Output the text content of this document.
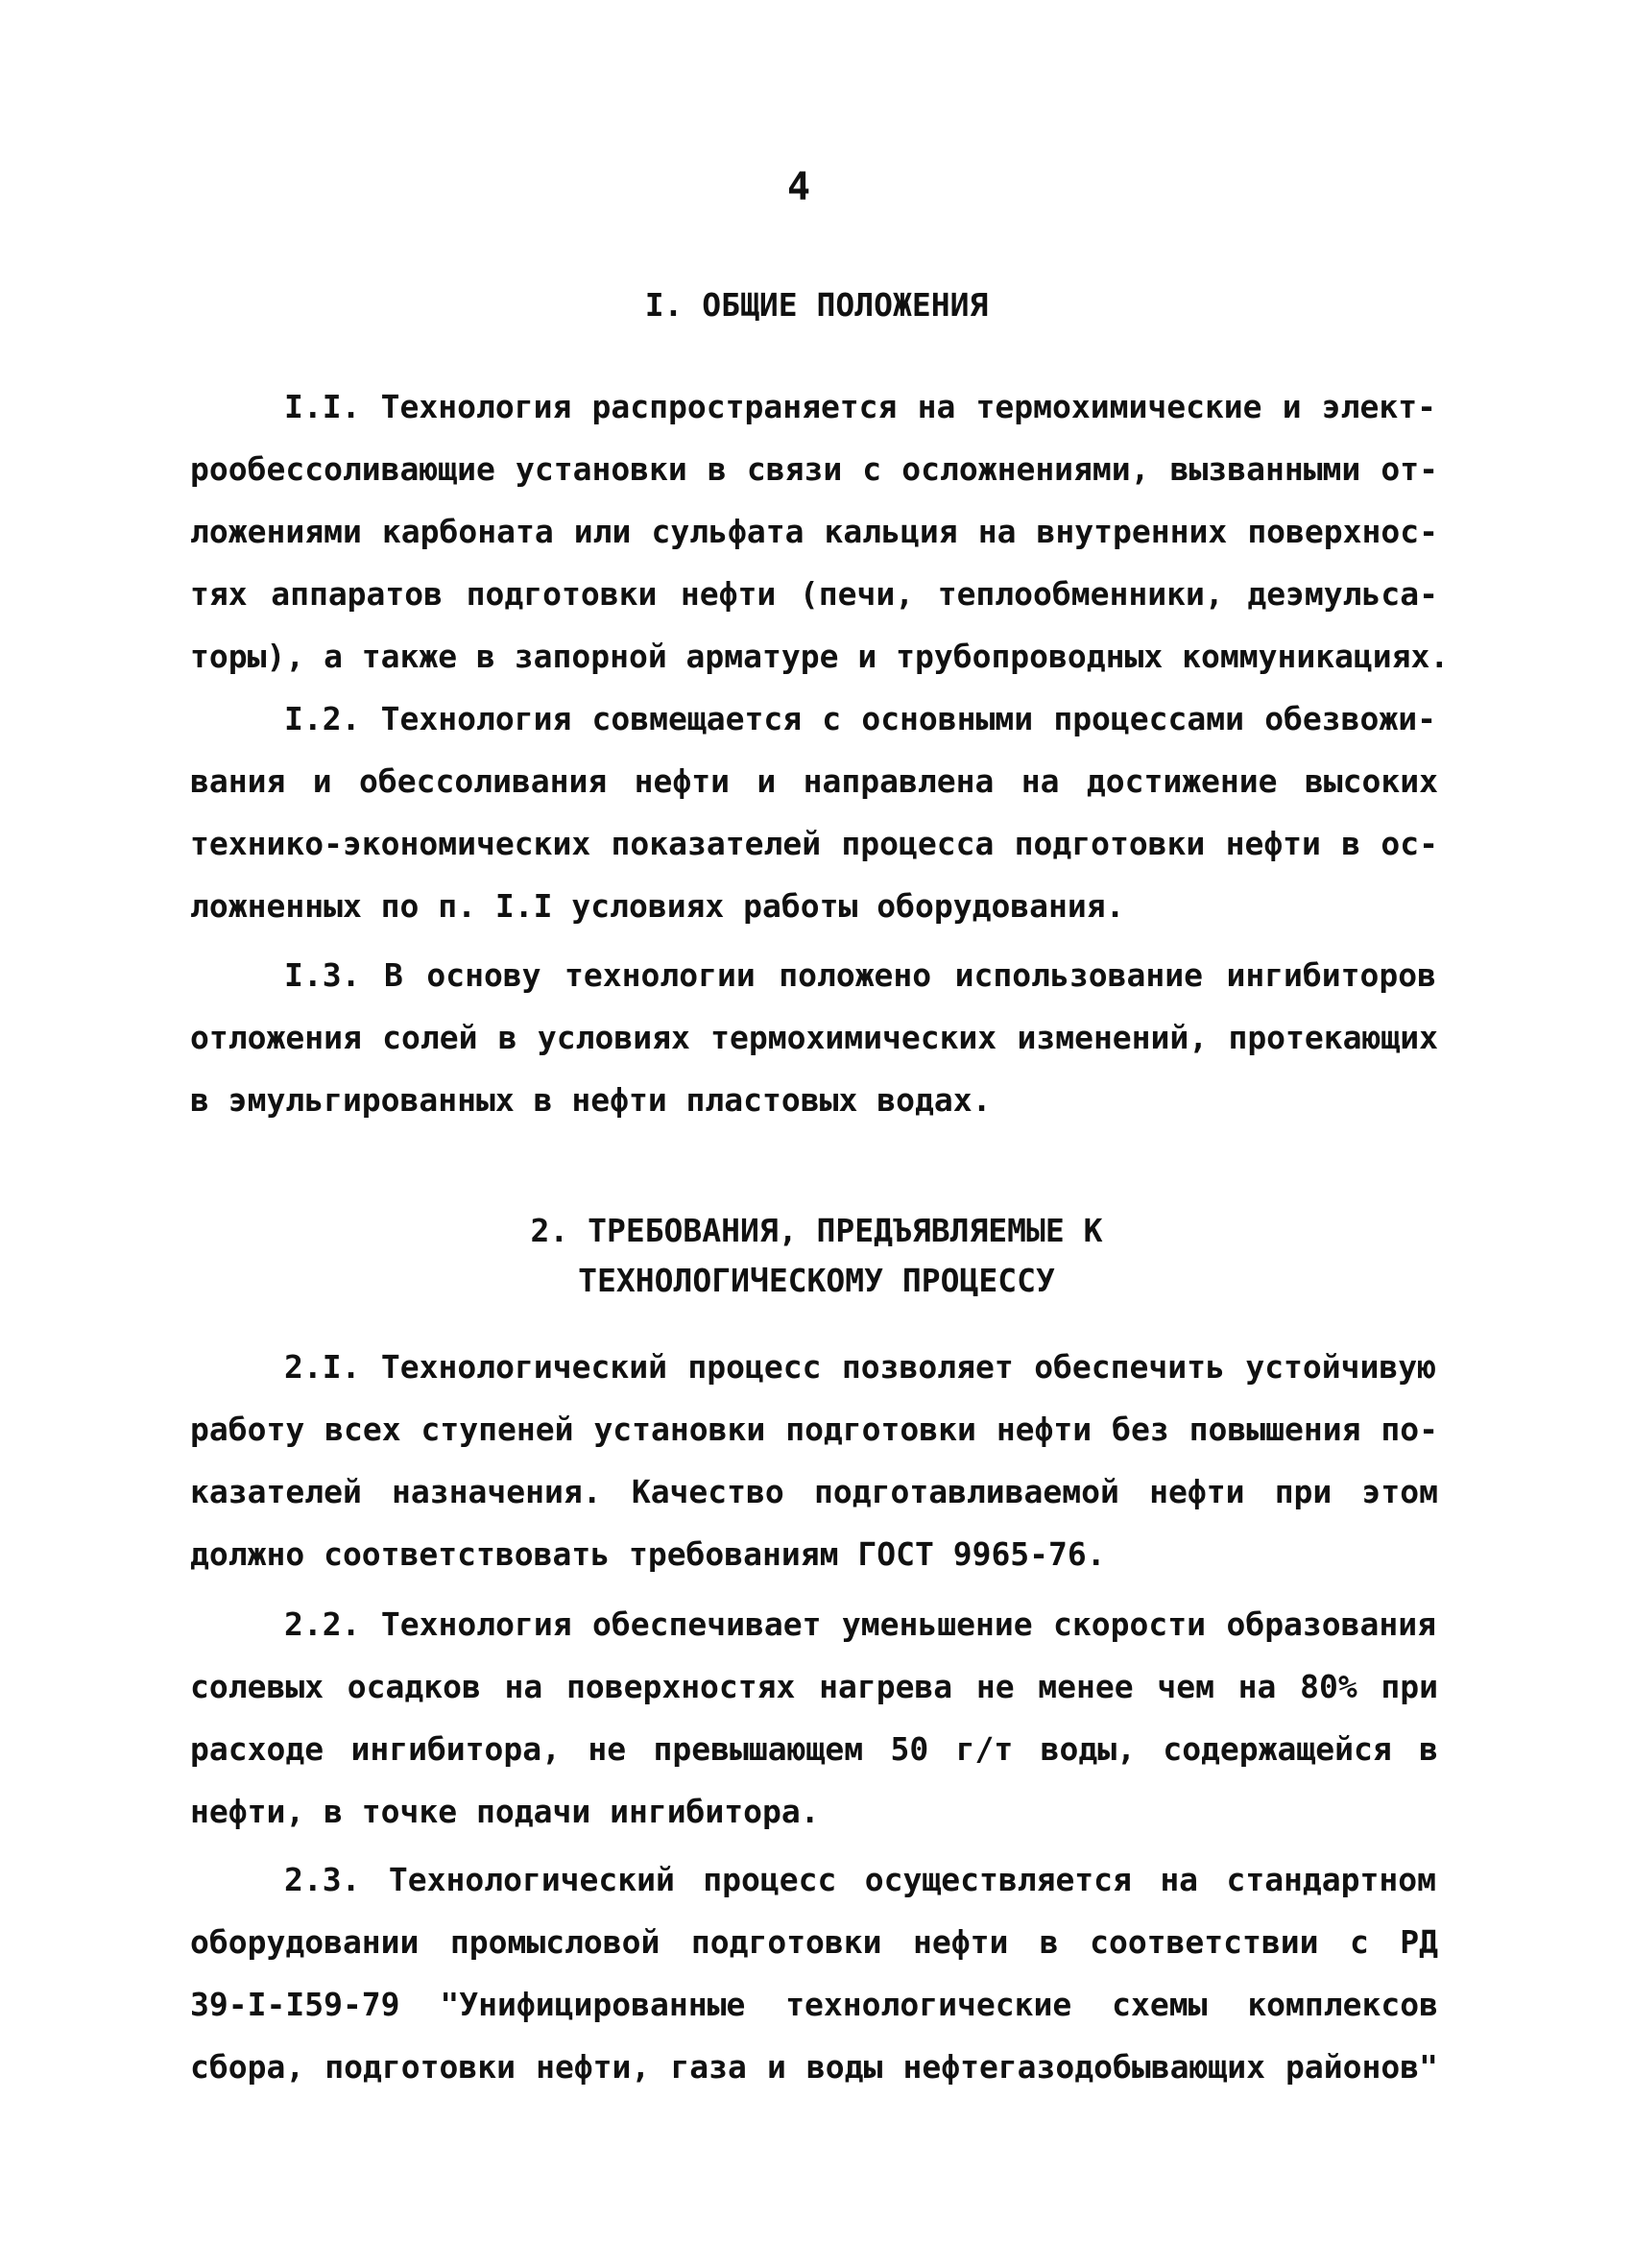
4
I. ОБЩИЕ ПОЛОЖЕНИЯ
I.I. Технология распространяется на термохимические и элект-
рообессоливающие установки в связи с осложнениями, вызванными от-
ложениями карбоната или сульфата кальция на внутренних поверхнос-
тях аппаратов подготовки нефти (печи, теплообменники, деэмульса-
торы), а также в запорной арматуре и трубопроводных коммуникациях.
I.2. Технология совмещается с основными процессами обезвожи-
вания и обессоливания нефти и направлена на достижение высоких
технико-экономических показателей процесса подготовки нефти в ос-
ложненных по п. I.I условиях работы оборудования.
I.3. В основу технологии положено использование ингибиторов
отложения солей в условиях термохимических изменений, протекающих
в эмульгированных в нефти пластовых водах.
2. ТРЕБОВАНИЯ, ПРЕДЪЯВЛЯЕМЫЕ К
ТЕХНОЛОГИЧЕСКОМУ ПРОЦЕССУ
2.I. Технологический процесс позволяет обеспечить устойчивую
работу всех ступеней установки подготовки нефти без повышения по-
казателей назначения. Качество подготавливаемой нефти при этом
должно соответствовать требованиям ГОСТ 9965-76.
2.2. Технология обеспечивает уменьшение скорости образования
солевых осадков на поверхностях нагрева не менее чем на 80% при
расходе ингибитора, не превышающем 50 г/т воды, содержащейся в
нефти, в точке подачи ингибитора.
2.3. Технологический процесс осуществляется на стандартном
оборудовании промысловой подготовки нефти в соответствии с РД
39-I-I59-79 "Унифицированные технологические схемы комплексов
сбора, подготовки нефти, газа и воды нефтегазодобывающих районов"
